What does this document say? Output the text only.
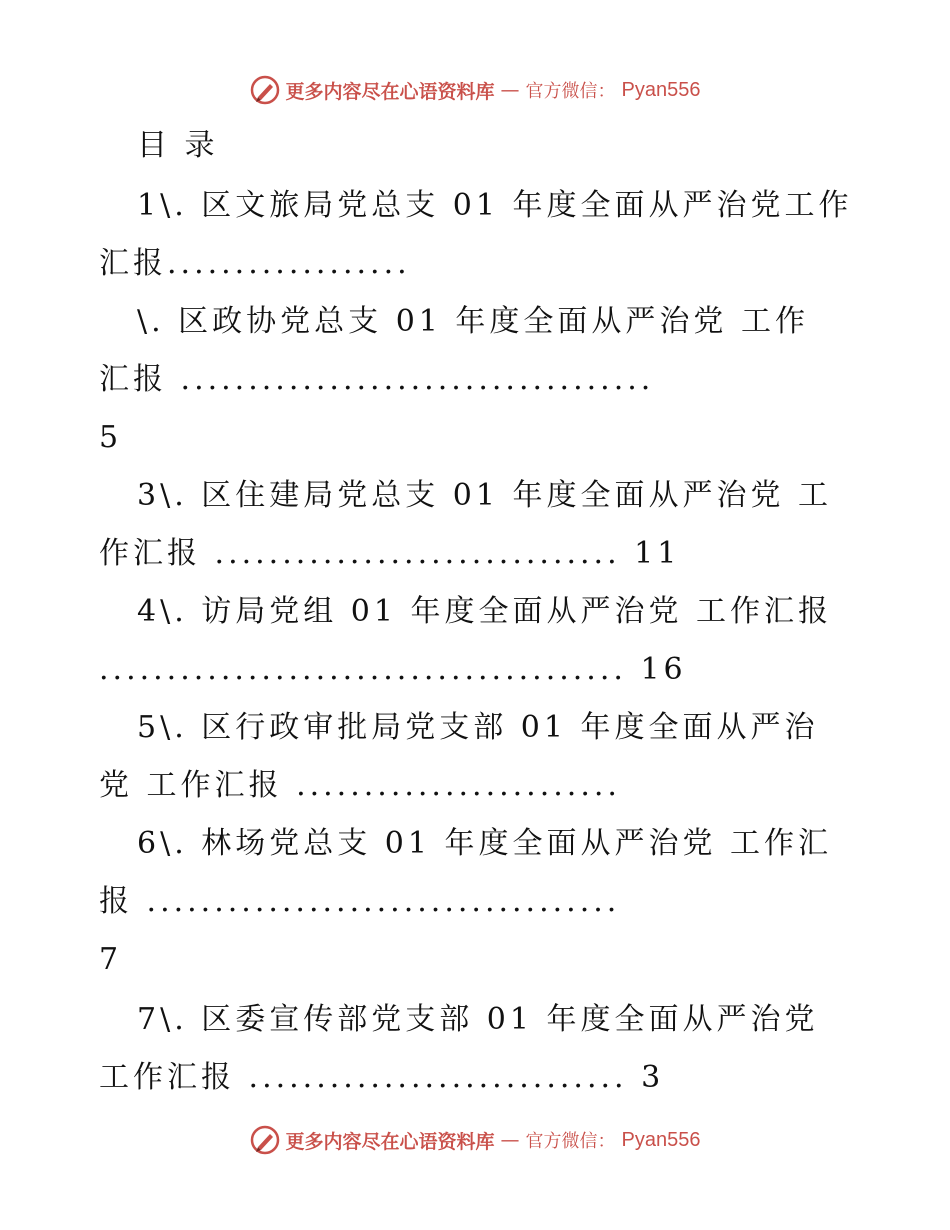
更多内容尽在心语资料库 — 官方微信： Pyan556
目 录
1\. 区文旅局党总支 01 年度全面从严治党工作
汇报..................
\. 区政协党总支 01 年度全面从严治党 工作
汇报 ...................................
5
3\. 区住建局党总支 01 年度全面从严治党 工
作汇报 .............................. 11
4\. 访局党组 01 年度全面从严治党 工作汇报
....................................... 16
5\. 区行政审批局党支部 01 年度全面从严治
党 工作汇报 ........................
6\. 林场党总支 01 年度全面从严治党 工作汇
报 ...................................
7
7\. 区委宣传部党支部 01 年度全面从严治党
工作汇报 ............................ 3
更多内容尽在心语资料库 — 官方微信： Pyan556
